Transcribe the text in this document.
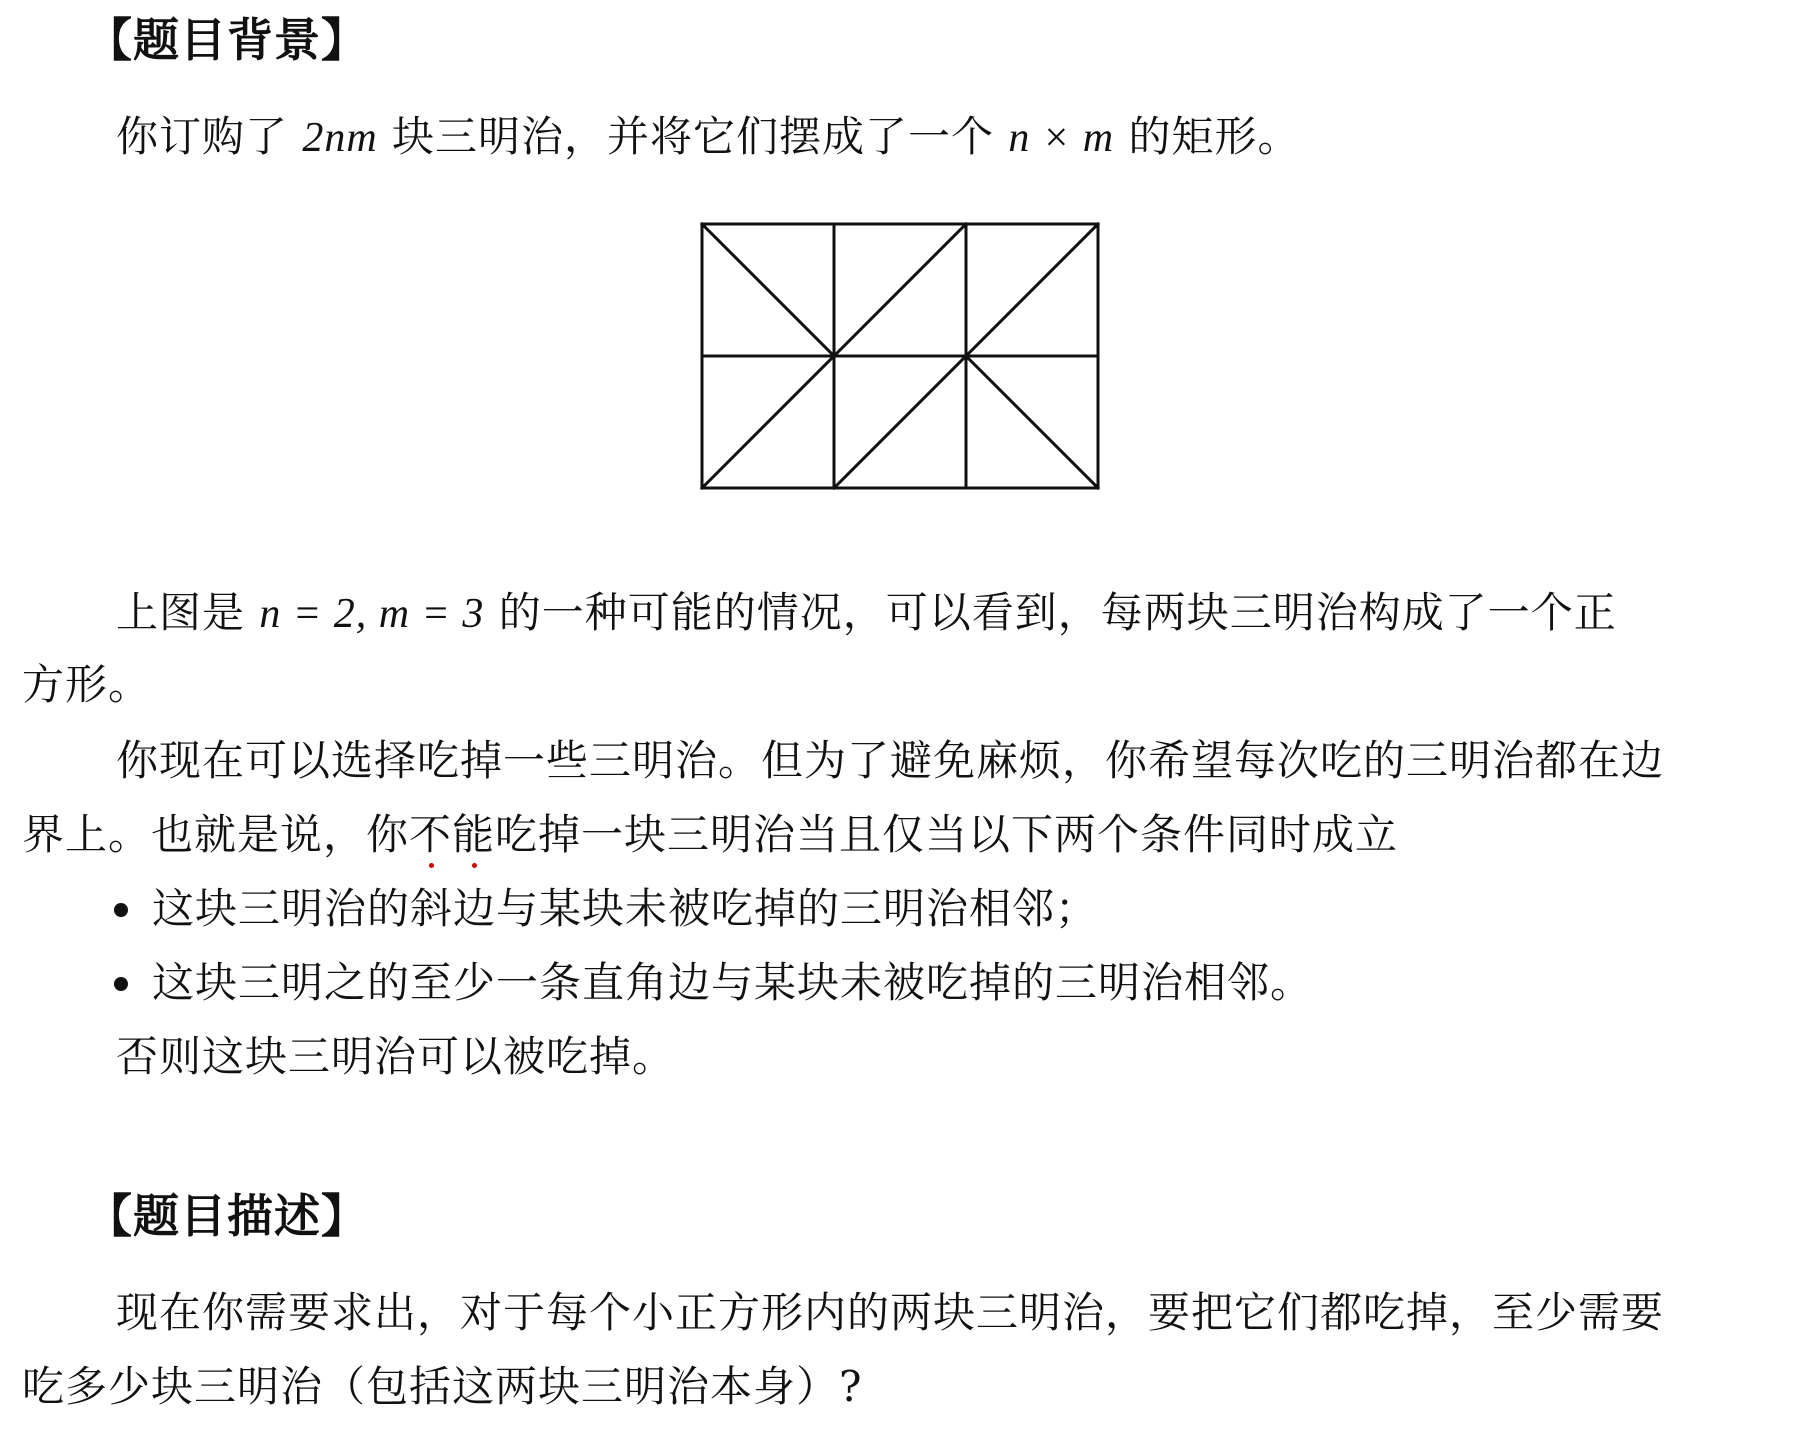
【题目背景】
你订购了 2nm 块三明治，并将它们摆成了一个 n × m 的矩形。
上图是 n = 2, m = 3 的一种可能的情况，可以看到，每两块三明治构成了一个正
方形。
你现在可以选择吃掉一些三明治。但为了避免麻烦，你希望每次吃的三明治都在边
界上。也就是说，你不能吃掉一块三明治当且仅当以下两个条件同时成立
这块三明治的斜边与某块未被吃掉的三明治相邻；
这块三明之的至少一条直角边与某块未被吃掉的三明治相邻。
否则这块三明治可以被吃掉。
【题目描述】
现在你需要求出，对于每个小正方形内的两块三明治，要把它们都吃掉，至少需要
吃多少块三明治（包括这两块三明治本身）?
